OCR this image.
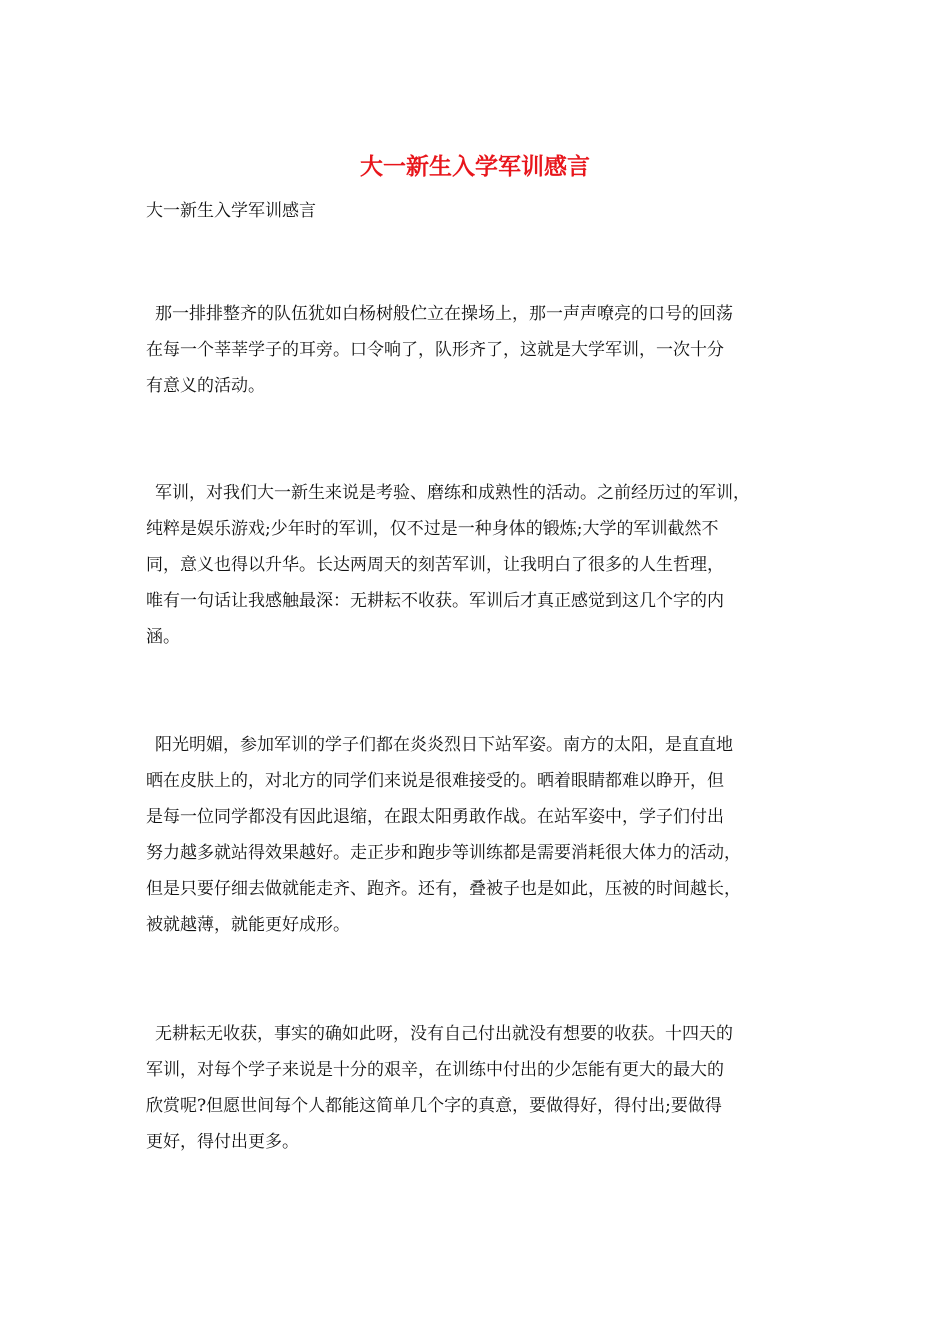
大一新生入学军训感言
大一新生入学军训感言
那一排排整齐的队伍犹如白杨树般伫立在操场上，那一声声嘹亮的口号的回荡
在每一个莘莘学子的耳旁。口令响了，队形齐了，这就是大学军训，一次十分
有意义的活动。
军训，对我们大一新生来说是考验、磨练和成熟性的活动。之前经历过的军训，
纯粹是娱乐游戏;少年时的军训，仅不过是一种身体的锻炼;大学的军训截然不
同，意义也得以升华。长达两周天的刻苦军训，让我明白了很多的人生哲理，
唯有一句话让我感触最深：无耕耘不收获。军训后才真正感觉到这几个字的内
涵。
阳光明媚，参加军训的学子们都在炎炎烈日下站军姿。南方的太阳，是直直地
晒在皮肤上的，对北方的同学们来说是很难接受的。晒着眼睛都难以睁开，但
是每一位同学都没有因此退缩，在跟太阳勇敢作战。在站军姿中，学子们付出
努力越多就站得效果越好。走正步和跑步等训练都是需要消耗很大体力的活动，
但是只要仔细去做就能走齐、跑齐。还有，叠被子也是如此，压被的时间越长，
被就越薄，就能更好成形。
无耕耘无收获，事实的确如此呀，没有自己付出就没有想要的收获。十四天的
军训，对每个学子来说是十分的艰辛，在训练中付出的少怎能有更大的最大的
欣赏呢?但愿世间每个人都能这简单几个字的真意，要做得好，得付出;要做得
更好，得付出更多。
